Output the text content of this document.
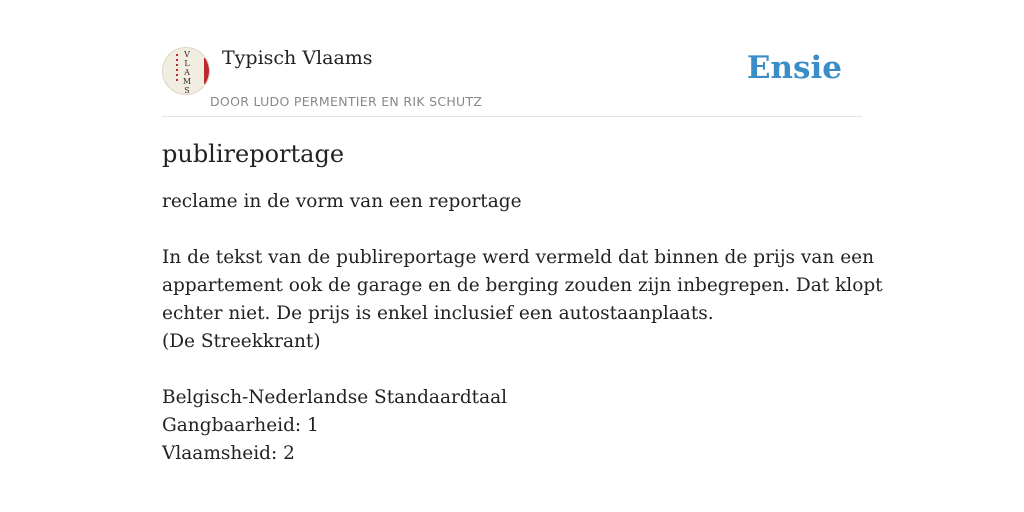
V
L
A
M
S
Typisch Vlaams
DOOR LUDO PERMENTIER EN RIK SCHUTZ
Ensie
publireportage

reclame in de vorm van een reportage

In de tekst van de publireportage werd vermeld dat binnen de prijs van een
appartement ook de garage en de berging zouden zijn inbegrepen. Dat klopt
echter niet. De prijs is enkel inclusief een autostaanplaats.
(De Streekkrant)

Belgisch-Nederlandse Standaardtaal
Gangbaarheid: 1
Vlaamsheid: 2
